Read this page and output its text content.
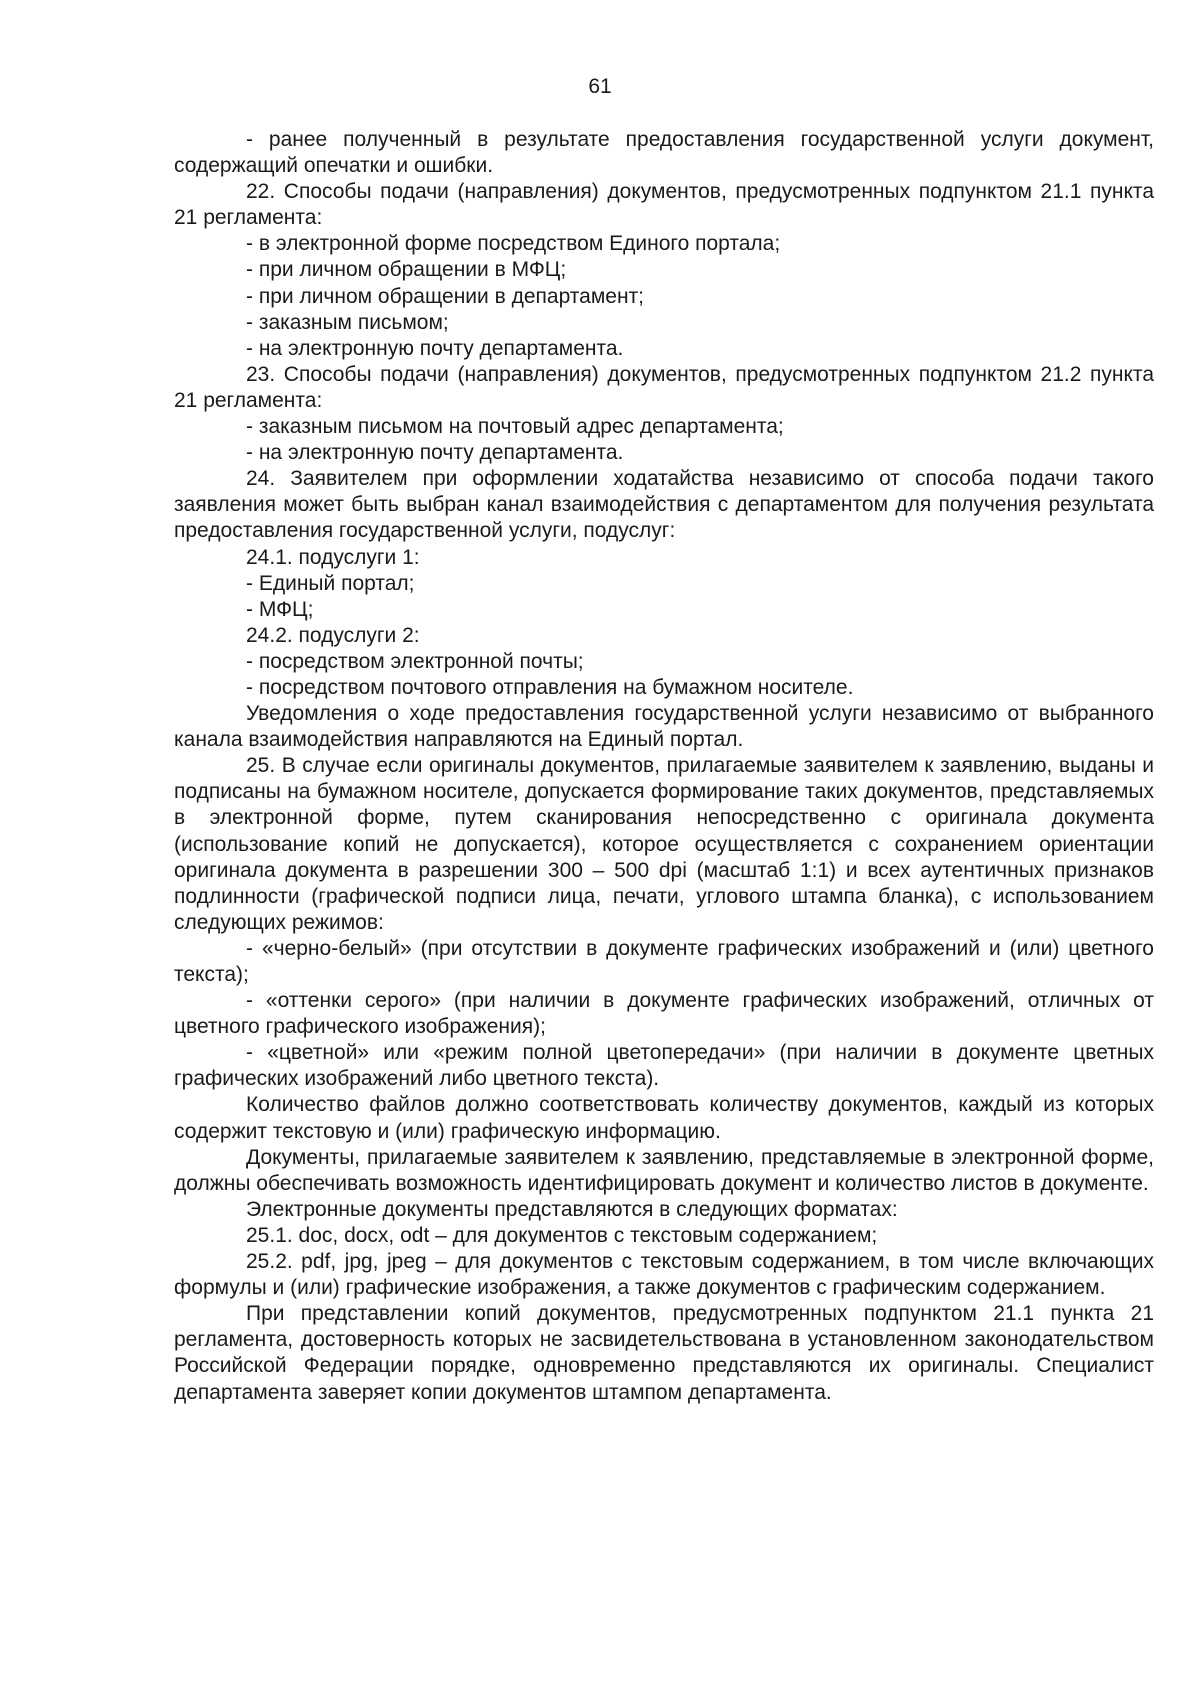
61

- ранее полученный в результате предоставления государственной услуги документ, содержащий опечатки и ошибки.

22. Способы подачи (направления) документов, предусмотренных подпунктом 21.1 пункта 21 регламента:

- в электронной форме посредством Единого портала;

- при личном обращении в МФЦ;

- при личном обращении в департамент;

- заказным письмом;

- на электронную почту департамента.

23. Способы подачи (направления) документов, предусмотренных подпунктом 21.2 пункта 21 регламента:

- заказным письмом на почтовый адрес департамента;

- на электронную почту департамента.

24. Заявителем при оформлении ходатайства независимо от способа подачи такого заявления может быть выбран канал взаимодействия с департаментом для получения результата предоставления государственной услуги, подуслуг:

24.1. подуслуги 1:

- Единый портал;

- МФЦ;

24.2. подуслуги 2:

- посредством электронной почты;

- посредством почтового отправления на бумажном носителе.

Уведомления о ходе предоставления государственной услуги независимо от выбранного канала взаимодействия направляются на Единый портал.

25. В случае если оригиналы документов, прилагаемые заявителем к заявлению, выданы и подписаны на бумажном носителе, допускается формирование таких документов, представляемых в электронной форме, путем сканирования непосредственно с оригинала документа (использование копий не допускается), которое осуществляется с сохранением ориентации оригинала документа в разрешении 300 – 500 dpi (масштаб 1:1) и всех аутентичных признаков подлинности (графической подписи лица, печати, углового штампа бланка), с использованием следующих режимов:

- «черно-белый» (при отсутствии в документе графических изображений и (или) цветного текста);

- «оттенки серого» (при наличии в документе графических изображений, отличных от цветного графического изображения);

- «цветной» или «режим полной цветопередачи» (при наличии в документе цветных графических изображений либо цветного текста).

Количество файлов должно соответствовать количеству документов, каждый из которых содержит текстовую и (или) графическую информацию.

Документы, прилагаемые заявителем к заявлению, представляемые в электронной форме, должны обеспечивать возможность идентифицировать документ и количество листов в документе.

Электронные документы представляются в следующих форматах:

25.1. doc, docx, odt – для документов с текстовым содержанием;

25.2. pdf, jpg, jpeg – для документов с текстовым содержанием, в том числе включающих формулы и (или) графические изображения, а также документов с графическим содержанием.

При представлении копий документов, предусмотренных подпунктом 21.1 пункта 21 регламента, достоверность которых не засвидетельствована в установленном законодательством Российской Федерации порядке, одновременно представляются их оригиналы. Специалист департамента заверяет копии документов штампом департамента.
